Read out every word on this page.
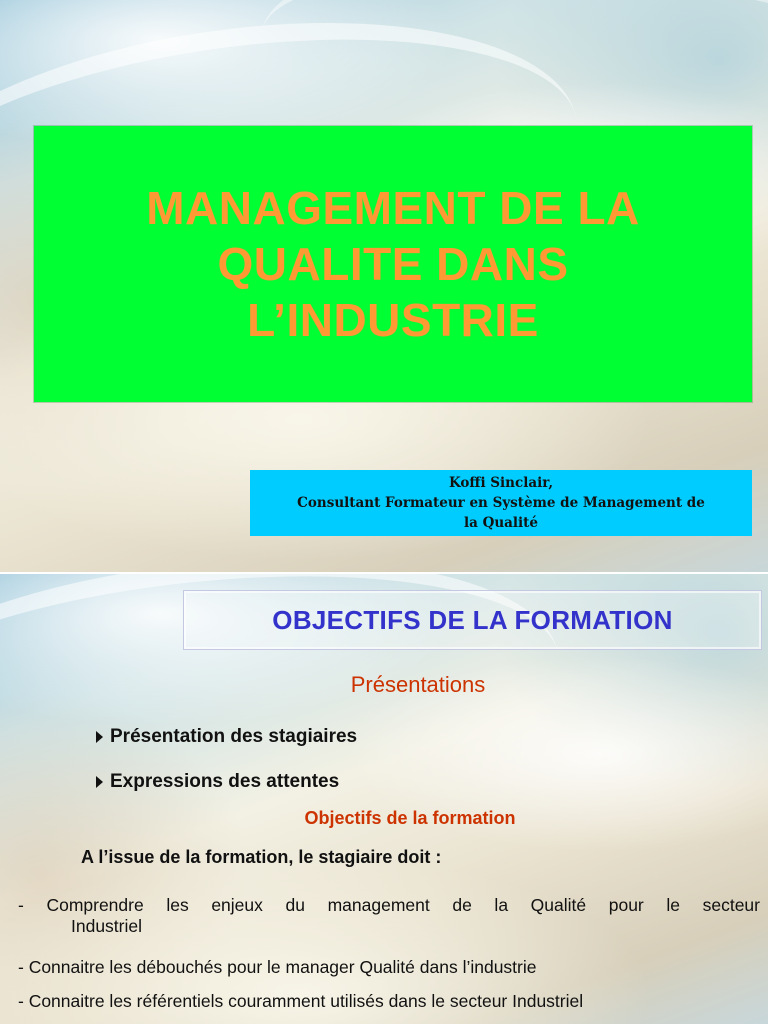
MANAGEMENT DE LA QUALITE DANS L’INDUSTRIE
Koffi Sinclair,
Consultant Formateur en Système de Management de
la Qualité
OBJECTIFS DE LA FORMATION
Présentations
Présentation des stagiaires
Expressions des attentes
Objectifs de la formation
A l’issue de la formation, le stagiaire doit :
- Comprendre les enjeux du management de la Qualité pour le secteur
Industriel
- Connaitre les débouchés pour le manager Qualité dans l’industrie
- Connaitre les référentiels couramment utilisés dans le secteur Industriel
